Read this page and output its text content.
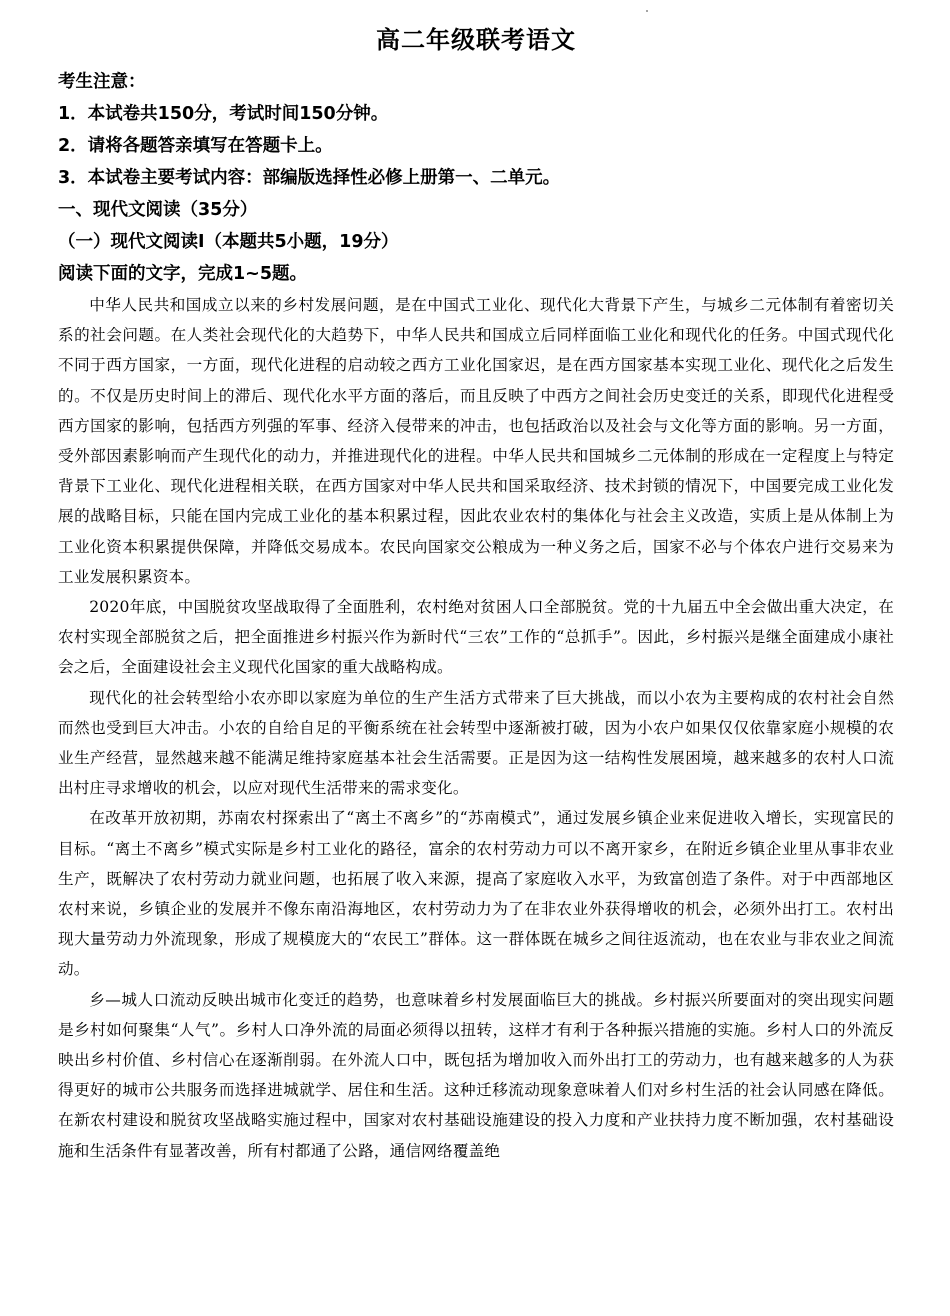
高二年级联考语文
考生注意：
1．本试卷共150分，考试时间150分钟。
2．请将各题答亲填写在答题卡上。
3．本试卷主要考试内容：部编版选择性必修上册第一、二单元。
一、现代文阅读（35分）
（一）现代文阅读I（本题共5小题，19分）
阅读下面的文字，完成1~5题。

中华人民共和国成立以来的乡村发展问题，是在中国式工业化、现代化大背景下产生，与城乡二元体制有着密切关系的社会问题。在人类社会现代化的大趋势下，中华人民共和国成立后同样面临工业化和现代化的任务。中国式现代化不同于西方国家，一方面，现代化进程的启动较之西方工业化国家迟，是在西方国家基本实现工业化、现代化之后发生的。不仅是历史时间上的滞后、现代化水平方面的落后，而且反映了中西方之间社会历史变迁的关系，即现代化进程受西方国家的影响，包括西方列强的军事、经济入侵带来的冲击，也包括政治以及社会与文化等方面的影响。另一方面，受外部因素影响而产生现代化的动力，并推进现代化的进程。中华人民共和国城乡二元体制的形成在一定程度上与特定背景下工业化、现代化进程相关联，在西方国家对中华人民共和国采取经济、技术封锁的情况下，中国要完成工业化发展的战略目标，只能在国内完成工业化的基本积累过程，因此农业农村的集体化与社会主义改造，实质上是从体制上为工业化资本积累提供保障，并降低交易成本。农民向国家交公粮成为一种义务之后，国家不必与个体农户进行交易来为工业发展积累资本。

2020年底，中国脱贫攻坚战取得了全面胜利，农村绝对贫困人口全部脱贫。党的十九届五中全会做出重大决定，在农村实现全部脱贫之后，把全面推进乡村振兴作为新时代“三农”工作的“总抓手”。因此，乡村振兴是继全面建成小康社会之后，全面建设社会主义现代化国家的重大战略构成。

现代化的社会转型给小农亦即以家庭为单位的生产生活方式带来了巨大挑战，而以小农为主要构成的农村社会自然而然也受到巨大冲击。小农的自给自足的平衡系统在社会转型中逐渐被打破，因为小农户如果仅仅依靠家庭小规模的农业生产经营，显然越来越不能满足维持家庭基本社会生活需要。正是因为这一结构性发展困境，越来越多的农村人口流出村庄寻求增收的机会，以应对现代生活带来的需求变化。

在改革开放初期，苏南农村探索出了“离土不离乡”的“苏南模式”，通过发展乡镇企业来促进收入增长，实现富民的目标。“离土不离乡”模式实际是乡村工业化的路径，富余的农村劳动力可以不离开家乡，在附近乡镇企业里从事非农业生产，既解决了农村劳动力就业问题，也拓展了收入来源，提高了家庭收入水平，为致富创造了条件。对于中西部地区农村来说，乡镇企业的发展并不像东南沿海地区，农村劳动力为了在非农业外获得增收的机会，必须外出打工。农村出现大量劳动力外流现象，形成了规模庞大的“农民工”群体。这一群体既在城乡之间往返流动，也在农业与非农业之间流动。

乡—城人口流动反映出城市化变迁的趋势，也意味着乡村发展面临巨大的挑战。乡村振兴所要面对的突出现实问题是乡村如何聚集“人气”。乡村人口净外流的局面必须得以扭转，这样才有利于各种振兴措施的实施。乡村人口的外流反映出乡村价值、乡村信心在逐渐削弱。在外流人口中，既包括为增加收入而外出打工的劳动力，也有越来越多的人为获得更好的城市公共服务而选择进城就学、居住和生活。这种迁移流动现象意味着人们对乡村生活的社会认同感在降低。在新农村建设和脱贫攻坚战略实施过程中，国家对农村基础设施建设的投入力度和产业扶持力度不断加强，农村基础设施和生活条件有显著改善，所有村都通了公路，通信网络覆盖绝
